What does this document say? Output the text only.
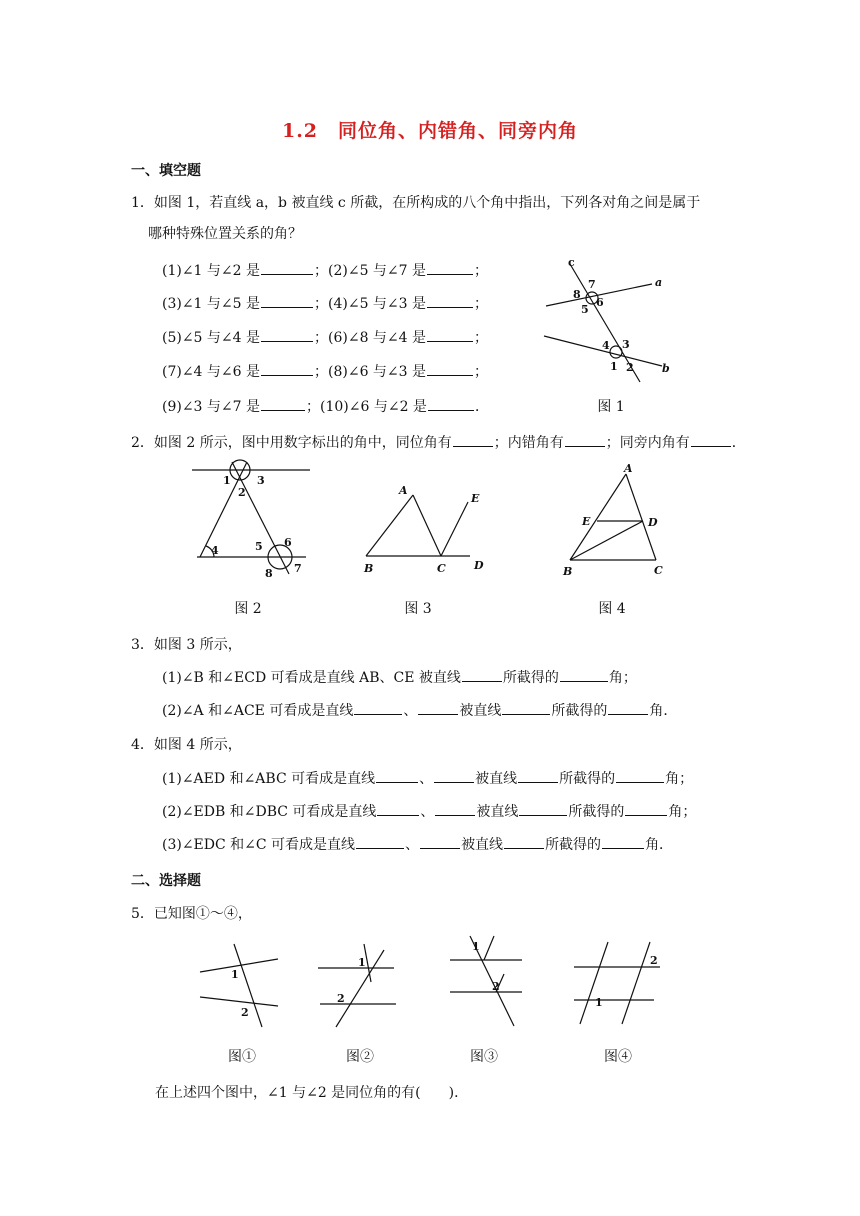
1.2　同位角、内错角、同旁内角
一、填空题
1．如图 1，若直线 a，b 被直线 c 所截，在所构成的八个角中指出，下列各对角之间是属于
哪种特殊位置关系的角？
(1)∠1 与∠2 是	；(2)∠5 与∠7 是	；
(3)∠1 与∠5 是	；(4)∠5 与∠3 是	；
(5)∠5 与∠4 是	；(6)∠8 与∠4 是	；
(7)∠4 与∠6 是	；(8)∠6 与∠3 是	；
(9)∠3 与∠7 是	；(10)∠6 与∠2 是	．
c
a
b
7
8
6
5
4 3
1 2
图 1
2．如图 2 所示，图中用数字标出的角中，同位角有	；内错角有	；同旁内角有	．
1
2
3
4	5 6
7
8
A
B	C	D
E
A
B	C
D
E
图 2	图 3	图 4
3．如图 3 所示，
(1)∠B 和∠ECD 可看成是直线 AB、CE 被直线	所截得的	角；
(2)∠A 和∠ACE 可看成是直线	、	被直线	所截得的	角．
4．如图 4 所示，
(1)∠AED 和∠ABC 可看成是直线	、	被直线	所截得的	角；
(2)∠EDB 和∠DBC 可看成是直线	、	被直线	所截得的	角；
(3)∠EDC 和∠C 可看成是直线	、	被直线	所截得的	角．
二、选择题
5．已知图①～④，
1
2
1
2
1
2
1
2
图①	图②	图③	图④
在上述四个图中，∠1 与∠2 是同位角的有(　　)．
